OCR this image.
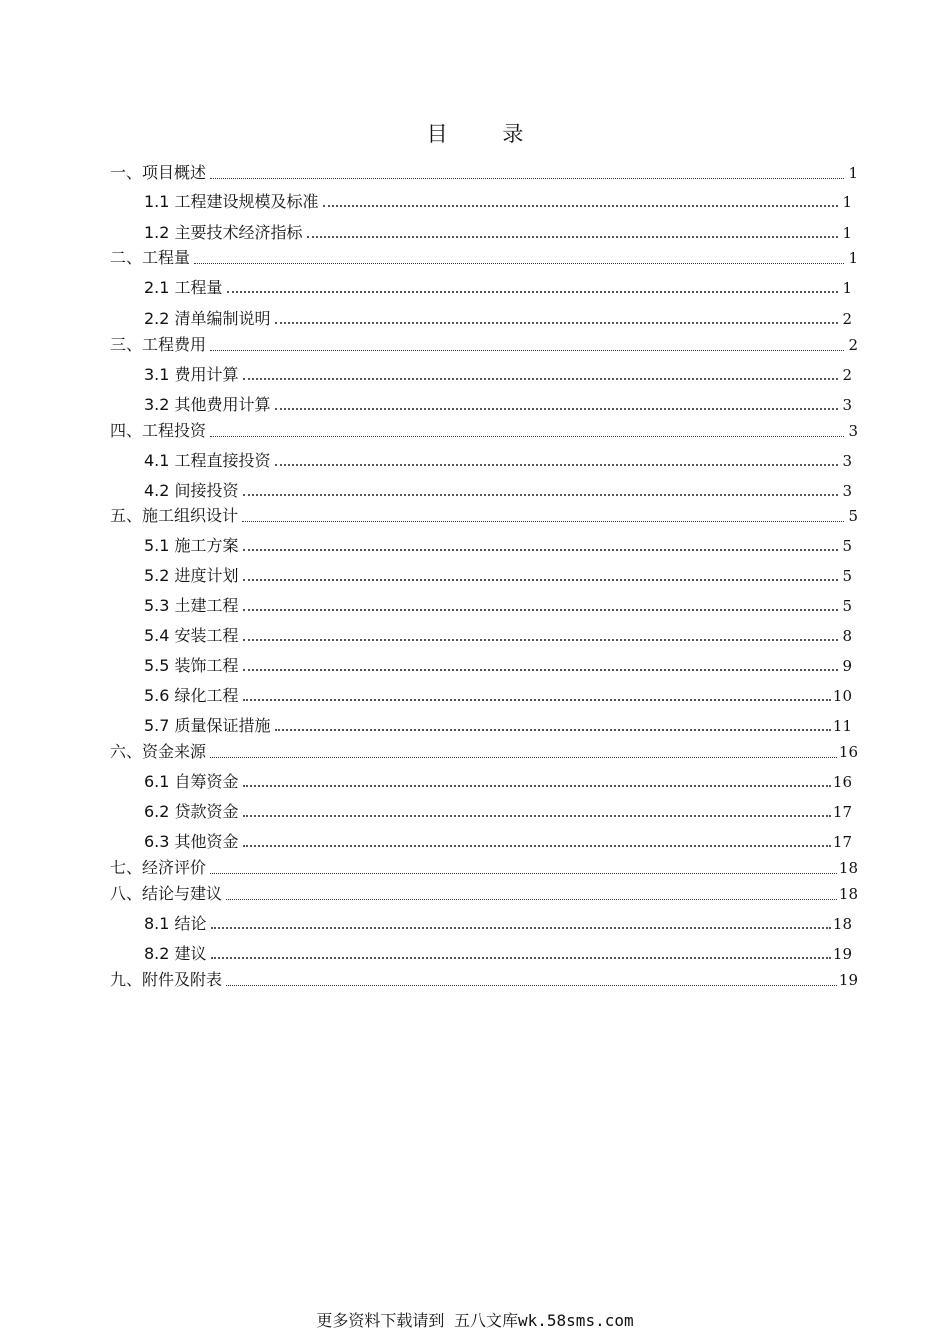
目 录
一、项目概述	1
1.1 工程建设规模及标准	1
1.2 主要技术经济指标	1
二、工程量	1
2.1 工程量	1
2.2 清单编制说明	2
三、工程费用	2
3.1 费用计算	2
3.2 其他费用计算	3
四、工程投资	3
4.1 工程直接投资	3
4.2 间接投资	3
五、施工组织设计	5
5.1 施工方案	5
5.2 进度计划	5
5.3 土建工程	5
5.4 安装工程	8
5.5 装饰工程	9
5.6 绿化工程	10
5.7 质量保证措施	11
六、资金来源	16
6.1 自筹资金	16
6.2 贷款资金	17
6.3 其他资金	17
七、经济评价	18
八、结论与建议	18
8.1 结论	18
8.2 建议	19
九、附件及附表	19
更多资料下载请到 五八文库wk.58sms.com
